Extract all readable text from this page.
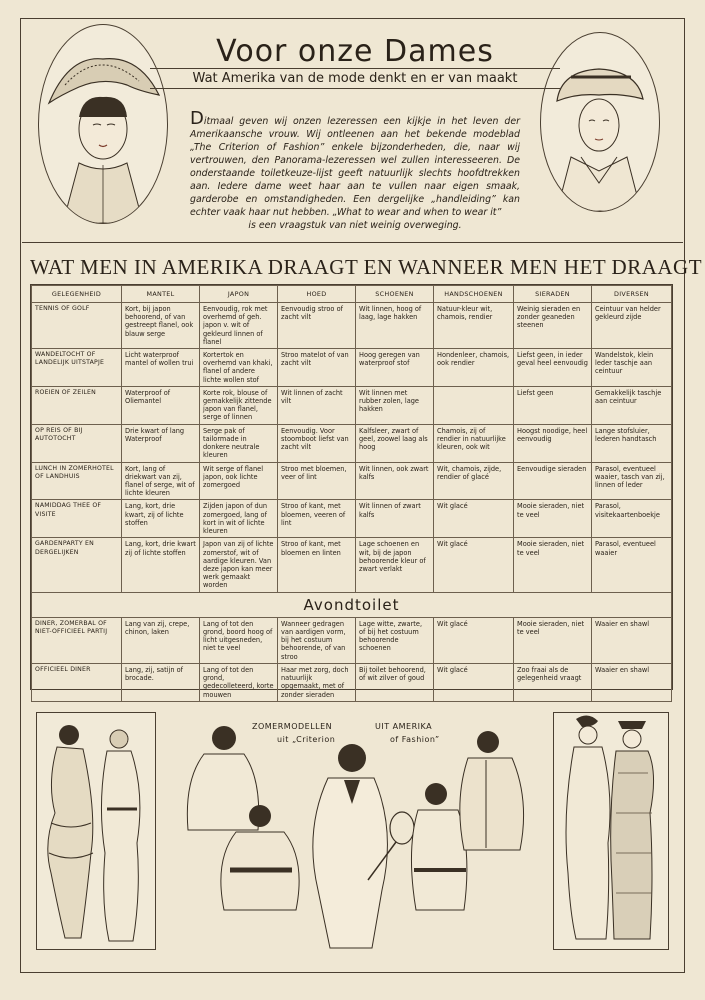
Voor onze Dames
Wat Amerika van de mode denkt en er van maakt
Ditmaal geven wij onzen lezeressen een kijkje in het leven der Amerikaansche vrouw. Wij ontleenen aan het bekende modeblad „The Criterion of Fashion” enkele bijzonderheden, die, naar wij vertrouwen, den Panorama-lezeressen wel zullen interesseeren. De onderstaande toiletkeuze-lijst geeft natuurlijk slechts hoofdtrekken aan. Iedere dame weet haar aan te vullen naar eigen smaak, garderobe en omstandigheden. Een dergelijke „handleiding” kan echter vaak haar nut hebben. „What to wear and when to wear it”
is een vraagstuk van niet weinig overweging.
WAT MEN IN AMERIKA DRAAGT EN WANNEER MEN HET DRAAGT
GELEGENHEID	MANTEL	JAPON	HOED	SCHOENEN	HANDSCHOENEN	SIERADEN	DIVERSEN
TENNIS OF GOLF	Kort, bij japon behoorend, of van gestreept flanel, ook blauw serge	Eenvoudig, rok met overhemd of geh. japon v. wit of gekleurd linnen of flanel	Eenvoudig stroo of zacht vilt	Wit linnen, hoog of laag, lage hakken	Natuur-kleur wit, chamois, rendier	Weinig sieraden en zonder geaneden steenen	Ceintuur van helder gekleurd zijde
WANDELTOCHT OF LANDELIJK UITSTAPJE	Licht waterproof mantel of wollen trui	Kortertok en overhemd van khaki, flanel of andere lichte wollen stof	Stroo matelot of van zacht vilt	Hoog geregen van waterproof stof	Hondenleer, chamois, ook rendier	Liefst geen, in ieder geval heel eenvoudig	Wandelstok, klein leder taschje aan ceintuur
ROEIEN OF ZEILEN	Waterproof of Oliemantel	Korte rok, blouse of gemakkelijk zittende japon van flanel, serge of linnen	Wit linnen of zacht vilt	Wit linnen met rubber zolen, lage hakken		Liefst geen	Gemakkelijk taschje aan ceintuur
OP REIS OF BIJ AUTOTOCHT	Drie kwart of lang Waterproof	Serge pak of tailormade in donkere neutrale kleuren	Eenvoudig. Voor stoomboot liefst van zacht vilt	Kalfsleer, zwart of geel, zoowel laag als hoog	Chamois, zij of rendier in natuurlijke kleuren, ook wit	Hoogst noodige, heel eenvoudig	Lange stofsluier, lederen handtasch
LUNCH IN ZOMERHOTEL OF LANDHUIS	Kort, lang of driekwart van zij, flanel of serge, wit of lichte kleuren	Wit serge of flanel japon, ook lichte zomergoed	Stroo met bloemen, veer of lint	Wit linnen, ook zwart kalfs	Wit, chamois, zijde, rendier of glacé	Eenvoudige sieraden	Parasol, eventueel waaier, tasch van zij, linnen of leder
NAMIDDAG THEE OF VISITE	Lang, kort, drie kwart, zij of lichte stoffen	Zijden japon of dun zomergoed, lang of kort in wit of lichte kleuren	Stroo of kant, met bloemen, veeren of lint	Wit linnen of zwart kalfs	Wit glacé	Mooie sieraden, niet te veel	Parasol, visitekaartenboekje
GARDENPARTY EN DERGELIJKEN	Lang, kort, drie kwart zij of lichte stoffen	Japon van zij of lichte zomerstof, wit of aardige kleuren. Van deze japon kan meer werk gemaakt worden	Stroo of kant, met bloemen en linten	Lage schoenen en wit, bij de japon behoorende kleur of zwart verlakt	Wit glacé	Mooie sieraden, niet te veel	Parasol, eventueel waaier
Avondtoilet							
DINER, ZOMERBAL OF NIET-OFFICIEEL PARTIJ	Lang van zij, crepe, chinon, laken	Lang of tot den grond, boord hoog of licht uitgesneden, niet te veel	Wanneer gedragen van aardigen vorm, bij het costuum behoorende, of van stroo	Lage witte, zwarte, of bij het costuum behoorende schoenen	Wit glacé	Mooie sieraden, niet te veel	Waaier en shawl
OFFICIEEL DINER	Lang, zij, satijn of brocade.	Lang of tot den grond, gedecolleteerd, korte mouwen	Haar met zorg, doch natuurlijk opgemaakt, met of zonder sieraden	Bij toilet behoorend, of wit zilver of goud	Wit glacé	Zoo fraai als de gelegenheid vraagt	Waaier en shawl
ZOMERMODELLEN	UIT AMERIKA
uit „Criterion	of Fashion”
